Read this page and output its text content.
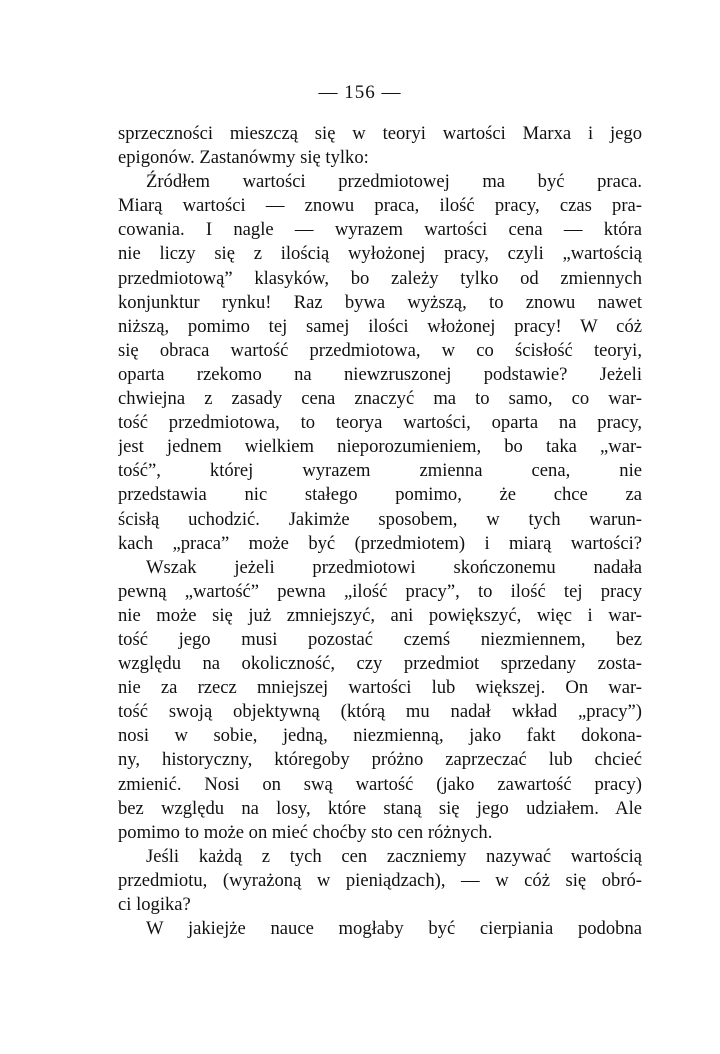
— 156 —
sprzeczności mieszczą się w teoryi wartości Marxa i jego
epigonów. Zastanówmy się tylko:
Źródłem wartości przedmiotowej ma być praca.
Miarą wartości — znowu praca, ilość pracy, czas pra-
cowania. I nagle — wyrazem wartości cena — która
nie liczy się z ilością wyłożonej pracy, czyli „wartością
przedmiotową” klasyków, bo zależy tylko od zmiennych
konjunktur rynku! Raz bywa wyższą, to znowu nawet
niższą, pomimo tej samej ilości włożonej pracy! W cóż
się obraca wartość przedmiotowa, w co ścisłość teoryi,
oparta rzekomo na niewzruszonej podstawie? Jeżeli
chwiejna z zasady cena znaczyć ma to samo, co war-
tość przedmiotowa, to teorya wartości, oparta na pracy,
jest jednem wielkiem nieporozumieniem, bo taka „war-
tość”, której wyrazem zmienna cena, nie
przedstawia nic stałego pomimo, że chce za
ścisłą uchodzić. Jakimże sposobem, w tych warun-
kach „praca” może być (przedmiotem) i miarą wartości?
Wszak jeżeli przedmiotowi skończonemu nadała
pewną „wartość” pewna „ilość pracy”, to ilość tej pracy
nie może się już zmniejszyć, ani powiększyć, więc i war-
tość jego musi pozostać czemś niezmiennem, bez
względu na okoliczność, czy przedmiot sprzedany zosta-
nie za rzecz mniejszej wartości lub większej. On war-
tość swoją objektywną (którą mu nadał wkład „pracy”)
nosi w sobie, jedną, niezmienną, jako fakt dokona-
ny, historyczny, któregoby próżno zaprzeczać lub chcieć
zmienić. Nosi on swą wartość (jako zawartość pracy)
bez względu na losy, które staną się jego udziałem. Ale
pomimo to może on mieć choćby sto cen różnych.
Jeśli każdą z tych cen zaczniemy nazywać wartością
przedmiotu, (wyrażoną w pieniądzach), — w cóż się obró-
ci logika?
W jakiejże nauce mogłaby być cierpiania podobna
